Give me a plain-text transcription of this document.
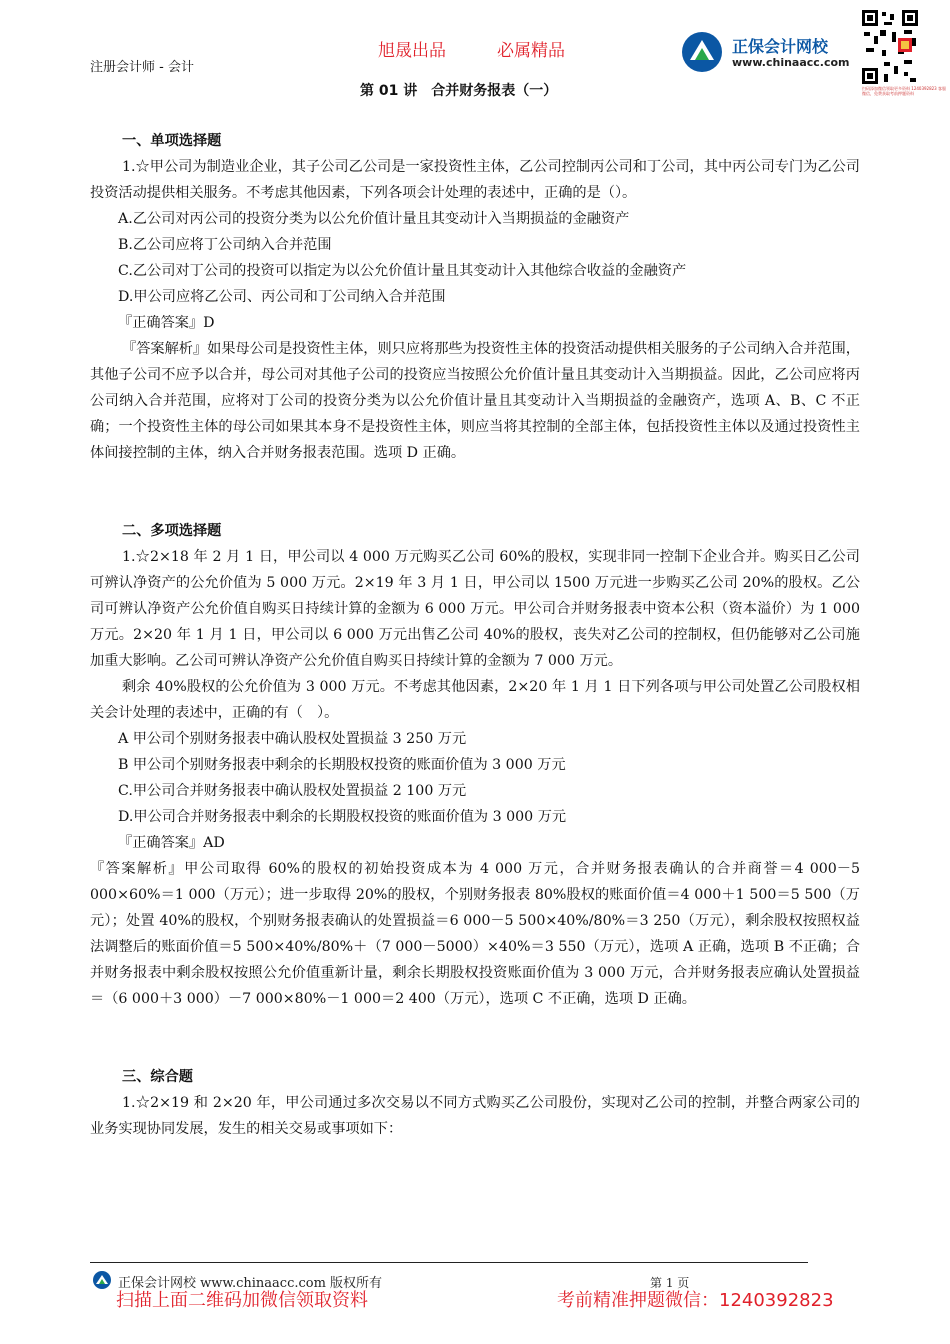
旭晟出品	必属精品
注册会计师 - 会计
第 01 讲　合并财务报表（一）
正保会计网校
www.chinaacc.com
扫码添加微信领取更多资料 1240392823 客服微信，免费获取考前押题资料
一、单项选择题
1.☆甲公司为制造业企业，其子公司乙公司是一家投资性主体，乙公司控制丙公司和丁公司，其中丙公司专门为乙公司投资活动提供相关服务。不考虑其他因素，下列各项会计处理的表述中，正确的是（）。
A.乙公司对丙公司的投资分类为以公允价值计量且其变动计入当期损益的金融资产
B.乙公司应将丁公司纳入合并范围
C.乙公司对丁公司的投资可以指定为以公允价值计量且其变动计入其他综合收益的金融资产
D.甲公司应将乙公司、丙公司和丁公司纳入合并范围
『正确答案』D
『答案解析』如果母公司是投资性主体，则只应将那些为投资性主体的投资活动提供相关服务的子公司纳入合并范围，其他子公司不应予以合并，母公司对其他子公司的投资应当按照公允价值计量且其变动计入当期损益。因此，乙公司应将丙公司纳入合并范围，应将对丁公司的投资分类为以公允价值计量且其变动计入当期损益的金融资产，选项 A、B、C 不正确；一个投资性主体的母公司如果其本身不是投资性主体，则应当将其控制的全部主体，包括投资性主体以及通过投资性主体间接控制的主体，纳入合并财务报表范围。选项 D 正确。
二、多项选择题
1.☆2×18 年 2 月 1 日，甲公司以 4 000 万元购买乙公司 60%的股权，实现非同一控制下企业合并。购买日乙公司可辨认净资产的公允价值为 5 000 万元。2×19 年 3 月 1 日，甲公司以 1500 万元进一步购买乙公司 20%的股权。乙公司可辨认净资产公允价值自购买日持续计算的金额为 6 000 万元。甲公司合并财务报表中资本公积（资本溢价）为 1 000 万元。2×20 年 1 月 1 日，甲公司以 6 000 万元出售乙公司 40%的股权，丧失对乙公司的控制权，但仍能够对乙公司施加重大影响。乙公司可辨认净资产公允价值自购买日持续计算的金额为 7 000 万元。
剩余 40%股权的公允价值为 3 000 万元。不考虑其他因素，2×20 年 1 月 1 日下列各项与甲公司处置乙公司股权相关会计处理的表述中，正确的有（　）。
A 甲公司个别财务报表中确认股权处置损益 3 250 万元
B 甲公司个别财务报表中剩余的长期股权投资的账面价值为 3 000 万元
C.甲公司合并财务报表中确认股权处置损益 2 100 万元
D.甲公司合并财务报表中剩余的长期股权投资的账面价值为 3 000 万元
『正确答案』AD
『答案解析』甲公司取得 60%的股权的初始投资成本为 4 000 万元，合并财务报表确认的合并商誉＝4 000－5 000×60%＝1 000（万元）；进一步取得 20%的股权，个别财务报表 80%股权的账面价值＝4 000＋1 500＝5 500（万元）；处置 40%的股权，个别财务报表确认的处置损益＝6 000－5 500×40%/80%＝3 250（万元），剩余股权按照权益法调整后的账面价值＝5 500×40%/80%＋（7 000－5000）×40%＝3 550（万元），选项 A 正确，选项 B 不正确；合并财务报表中剩余股权按照公允价值重新计量，剩余长期股权投资账面价值为 3 000 万元，合并财务报表应确认处置损益＝（6 000＋3 000）－7 000×80%－1 000＝2 400（万元），选项 C 不正确，选项 D 正确。
三、综合题
1.☆2×19 和 2×20 年，甲公司通过多次交易以不同方式购买乙公司股份，实现对乙公司的控制，并整合两家公司的业务实现协同发展，发生的相关交易或事项如下：
正保会计网校 www.chinaacc.com 版权所有	第 1 页
扫描上面二维码加微信领取资料	考前精准押题微信：1240392823
